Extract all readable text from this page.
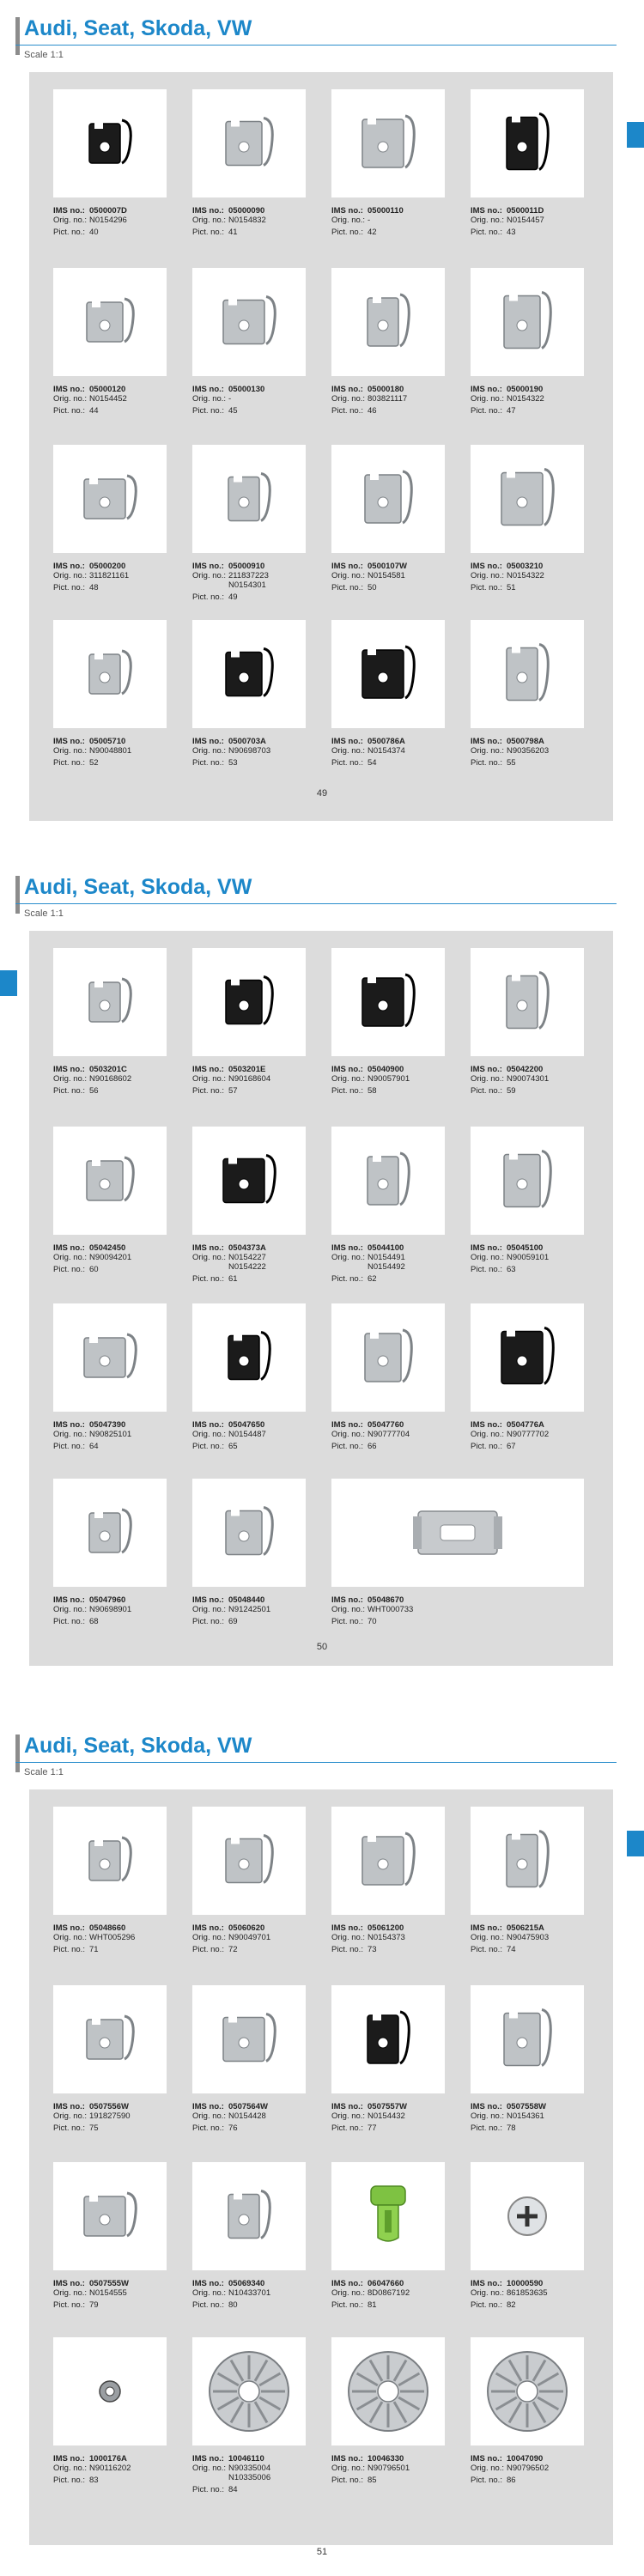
Audi, Seat, Skoda, VW
Scale 1:1
49
IMS no.: 0500007D
Orig. no.: N0154296
Pict. no.: 40
IMS no.: 05000090
Orig. no.: N0154832
Pict. no.: 41
IMS no.: 05000110
Orig. no.: -
Pict. no.: 42
IMS no.: 0500011D
Orig. no.: N0154457
Pict. no.: 43
IMS no.: 05000120
Orig. no.: N0154452
Pict. no.: 44
IMS no.: 05000130
Orig. no.: -
Pict. no.: 45
IMS no.: 05000180
Orig. no.: 803821117
Pict. no.: 46
IMS no.: 05000190
Orig. no.: N0154322
Pict. no.: 47
IMS no.: 05000200
Orig. no.: 311821161
Pict. no.: 48
IMS no.: 05000910
Orig. no.: 211837223
N0154301
Pict. no.: 49
IMS no.: 0500107W
Orig. no.: N0154581
Pict. no.: 50
IMS no.: 05003210
Orig. no.: N0154322
Pict. no.: 51
IMS no.: 05005710
Orig. no.: N90048801
Pict. no.: 52
IMS no.: 0500703A
Orig. no.: N90698703
Pict. no.: 53
IMS no.: 0500786A
Orig. no.: N0154374
Pict. no.: 54
IMS no.: 0500798A
Orig. no.: N90356203
Pict. no.: 55
Audi, Seat, Skoda, VW
Scale 1:1
50
IMS no.: 0503201C
Orig. no.: N90168602
Pict. no.: 56
IMS no.: 0503201E
Orig. no.: N90168604
Pict. no.: 57
IMS no.: 05040900
Orig. no.: N90057901
Pict. no.: 58
IMS no.: 05042200
Orig. no.: N90074301
Pict. no.: 59
IMS no.: 05042450
Orig. no.: N90094201
Pict. no.: 60
IMS no.: 0504373A
Orig. no.: N0154227
N0154222
Pict. no.: 61
IMS no.: 05044100
Orig. no.: N0154491
N0154492
Pict. no.: 62
IMS no.: 05045100
Orig. no.: N90059101
Pict. no.: 63
IMS no.: 05047390
Orig. no.: N90825101
Pict. no.: 64
IMS no.: 05047650
Orig. no.: N0154487
Pict. no.: 65
IMS no.: 05047760
Orig. no.: N90777704
Pict. no.: 66
IMS no.: 0504776A
Orig. no.: N90777702
Pict. no.: 67
IMS no.: 05047960
Orig. no.: N90698901
Pict. no.: 68
IMS no.: 05048440
Orig. no.: N91242501
Pict. no.: 69
IMS no.: 05048670
Orig. no.: WHT000733
Pict. no.: 70
Audi, Seat, Skoda, VW
Scale 1:1
51
IMS no.: 05048660
Orig. no.: WHT005296
Pict. no.: 71
IMS no.: 05060620
Orig. no.: N90049701
Pict. no.: 72
IMS no.: 05061200
Orig. no.: N0154373
Pict. no.: 73
IMS no.: 0506215A
Orig. no.: N90475903
Pict. no.: 74
IMS no.: 0507556W
Orig. no.: 191827590
Pict. no.: 75
IMS no.: 0507564W
Orig. no.: N0154428
Pict. no.: 76
IMS no.: 0507557W
Orig. no.: N0154432
Pict. no.: 77
IMS no.: 0507558W
Orig. no.: N0154361
Pict. no.: 78
IMS no.: 0507555W
Orig. no.: N0154555
Pict. no.: 79
IMS no.: 05069340
Orig. no.: N10433701
Pict. no.: 80
IMS no.: 06047660
Orig. no.: 8D0867192
Pict. no.: 81
IMS no.: 10000590
Orig. no.: 861853635
Pict. no.: 82
IMS no.: 1000176A
Orig. no.: N90116202
Pict. no.: 83
IMS no.: 10046110
Orig. no.: N90335004
N10335006
Pict. no.: 84
IMS no.: 10046330
Orig. no.: N90796501
Pict. no.: 85
IMS no.: 10047090
Orig. no.: N90796502
Pict. no.: 86
